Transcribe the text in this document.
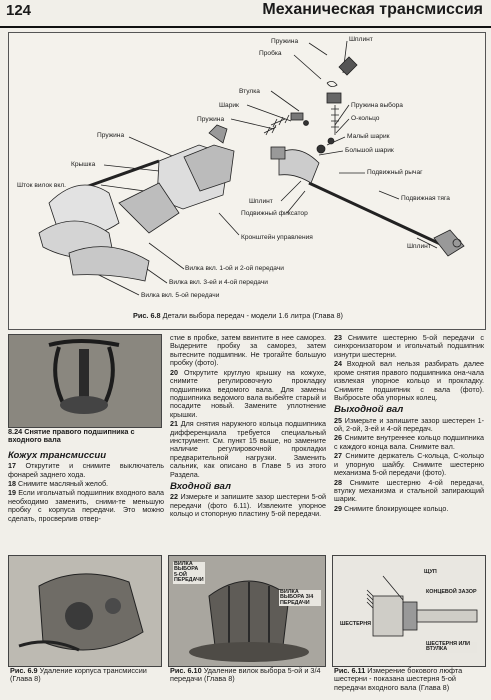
124	Механическая трансмиссия
Пружина
Пробка
Шплинт
Втулка
Шарик
Пружина
Пружина
Крышка
Пружина выбора
О-кольцо
Малый шарик
Большой шарик
Подвижный рычаг
Подвижная тяга
Шток вилок вкл.
Шплинт
Подвижный фиксатор
Кронштейн управления
Шплинт
Вилка вкл. 1-ой и 2-ой передачи
Вилка вкл. 3-ей и 4-ой передачи
Вилка вкл. 5-ой передачи
Рис. 6.8 Детали выбора передач - модели 1.6 литра (Глава 8)
8.24 Снятие правого подшипника с входного вала
Кожух трансмиссии

17 Открутите и снимите выключатель фонарей заднего хода.

18 Снимите масляный желоб.

19 Если игольчатый подшипник входного вала необходимо заменить, сними-те меньшую пробку с корпуса передачи. Это можно сделать, просверлив отвер-

стие в пробке, затем ввинтите в нее саморез. Выдерните пробку за саморез, затем вытесните подшипник. Не трогайте большую пробку (фото).

20 Открутите круглую крышку на кожухе, снимите регулировочную прокладку подшипника ведомого вала. Для замены подшипника ведомого вала выбейте старый и посадите новый. Замените уплотнение крышки.

21 Для снятия наружного кольца подшипника дифференциала требуется специальный инструмент. См. пункт 15 выше, но замените наличие регулировочной прокладки предварительной нагрузки. Заменить сальник, как описано в Главе 5 из этого Раздела.

Входной вал

22 Измерьте и запишите зазор шестерни 5-ой передачи (фото 6.11). Извлеките упорное кольцо и стопорную пластину 5-ой передачи.

23 Снимите шестерню 5-ой передачи с синхронизатором и игольчатый подшипник изнутри шестерни.

24 Входной вал нельзя разбирать далее кроме снятия правого подшипника она-чала извлекая упорное кольцо и прокладку. Снимите подшипник с вала (фото). Выбросьте оба упорных колец.

Выходной вал

25 Измерьте и запишите зазор шестерен 1-ой, 2-ой, 3-ей и 4-ой передач.

26 Снимите внутреннее кольцо подшипника с каждого конца вала. Снимите вал.

27 Снимите держатель С-кольца, С-кольцо и упорную шайбу. Снимите шестерню механизма 5-ой передачи (фото).

28 Снимите шестерню 4-ой передачи, втулку механизма и стальной запирающий шарик.

29 Снимите блокирующее кольцо.

Рис. 6.9 Удаление корпуса трансмиссии (Глава 8)
ВИЛКА ВЫБОРА 5-ОЙ ПЕРЕДАЧИ
ВИЛКА ВЫБОРА 3/4 ПЕРЕДАЧИ
Рис. 6.10 Удаление вилок выбора 5-ой и 3/4 передачи (Глава 8)
ЩУП
КОНЦЕВОЙ ЗАЗОР
ШЕСТЕРНЯ
ШЕСТЕРНЯ ИЛИ ВТУЛКА
Рис. 6.11 Измерение бокового люфта шестерни - показана шестерня 5-ой передачи входного вала (Глава 8)
